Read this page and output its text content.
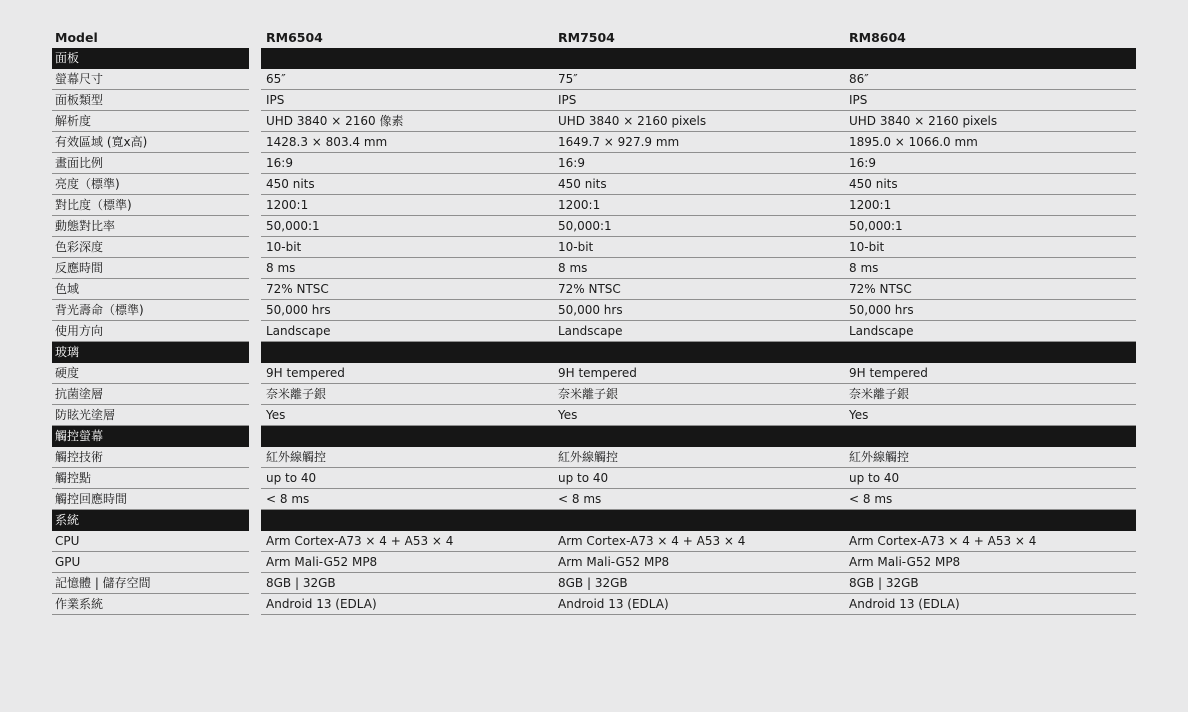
Model	RM6504	RM7504	RM8604
面板
螢幕尺寸	65″	75″	86″
面板類型	IPS	IPS	IPS
解析度	UHD 3840 × 2160 像素	UHD 3840 × 2160 pixels	UHD 3840 × 2160 pixels
有效區域 (寬x高)	1428.3 × 803.4 mm	1649.7 × 927.9 mm	1895.0 × 1066.0 mm
畫面比例	16:9	16:9	16:9
亮度（標準)	450 nits	450 nits	450 nits
對比度（標準)	1200:1	1200:1	1200:1
動態對比率	50,000:1	50,000:1	50,000:1
色彩深度	10-bit	10-bit	10-bit
反應時間	8 ms	8 ms	8 ms
色域	72% NTSC	72% NTSC	72% NTSC
背光壽命（標準)	50,000 hrs	50,000 hrs	50,000 hrs
使用方向	Landscape	Landscape	Landscape
玻璃
硬度	9H tempered	9H tempered	9H tempered
抗菌塗層	奈米離子銀	奈米離子銀	奈米離子銀
防眩光塗層	Yes	Yes	Yes
觸控螢幕
觸控技術	紅外線觸控	紅外線觸控	紅外線觸控
觸控點	up to 40	up to 40	up to 40
觸控回應時間	< 8 ms	< 8 ms	< 8 ms
系統
CPU	Arm Cortex-A73 × 4 + A53 × 4	Arm Cortex-A73 × 4 + A53 × 4	Arm Cortex-A73 × 4 + A53 × 4
GPU	Arm Mali-G52 MP8	Arm Mali-G52 MP8	Arm Mali-G52 MP8
記憶體 | 儲存空間	8GB | 32GB	8GB | 32GB	8GB | 32GB
作業系統	Android 13 (EDLA)	Android 13 (EDLA)	Android 13 (EDLA)
